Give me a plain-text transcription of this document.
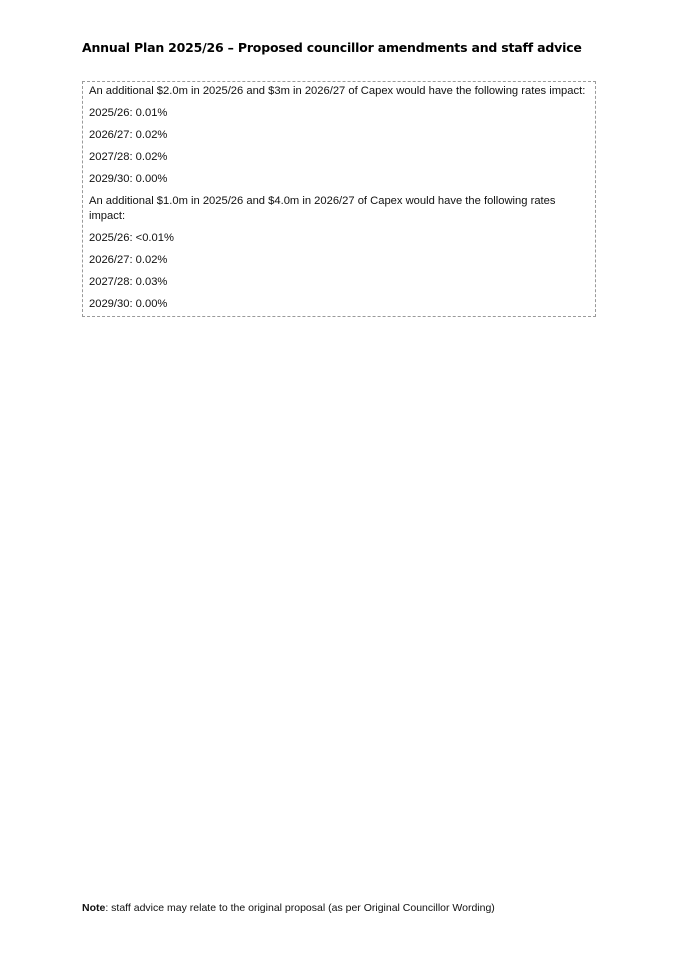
Annual Plan 2025/26 – Proposed councillor amendments and staff advice

An additional $2.0m in 2025/26 and $3m in 2026/27 of Capex would have the following rates impact:

2025/26: 0.01%

2026/27: 0.02%

2027/28: 0.02%

2029/30: 0.00%

An additional $1.0m in 2025/26 and $4.0m in 2026/27 of Capex would have the following rates impact:

2025/26: <0.01%

2026/27: 0.02%

2027/28: 0.03%

2029/30: 0.00%

Note: staff advice may relate to the original proposal (as per Original Councillor Wording)
